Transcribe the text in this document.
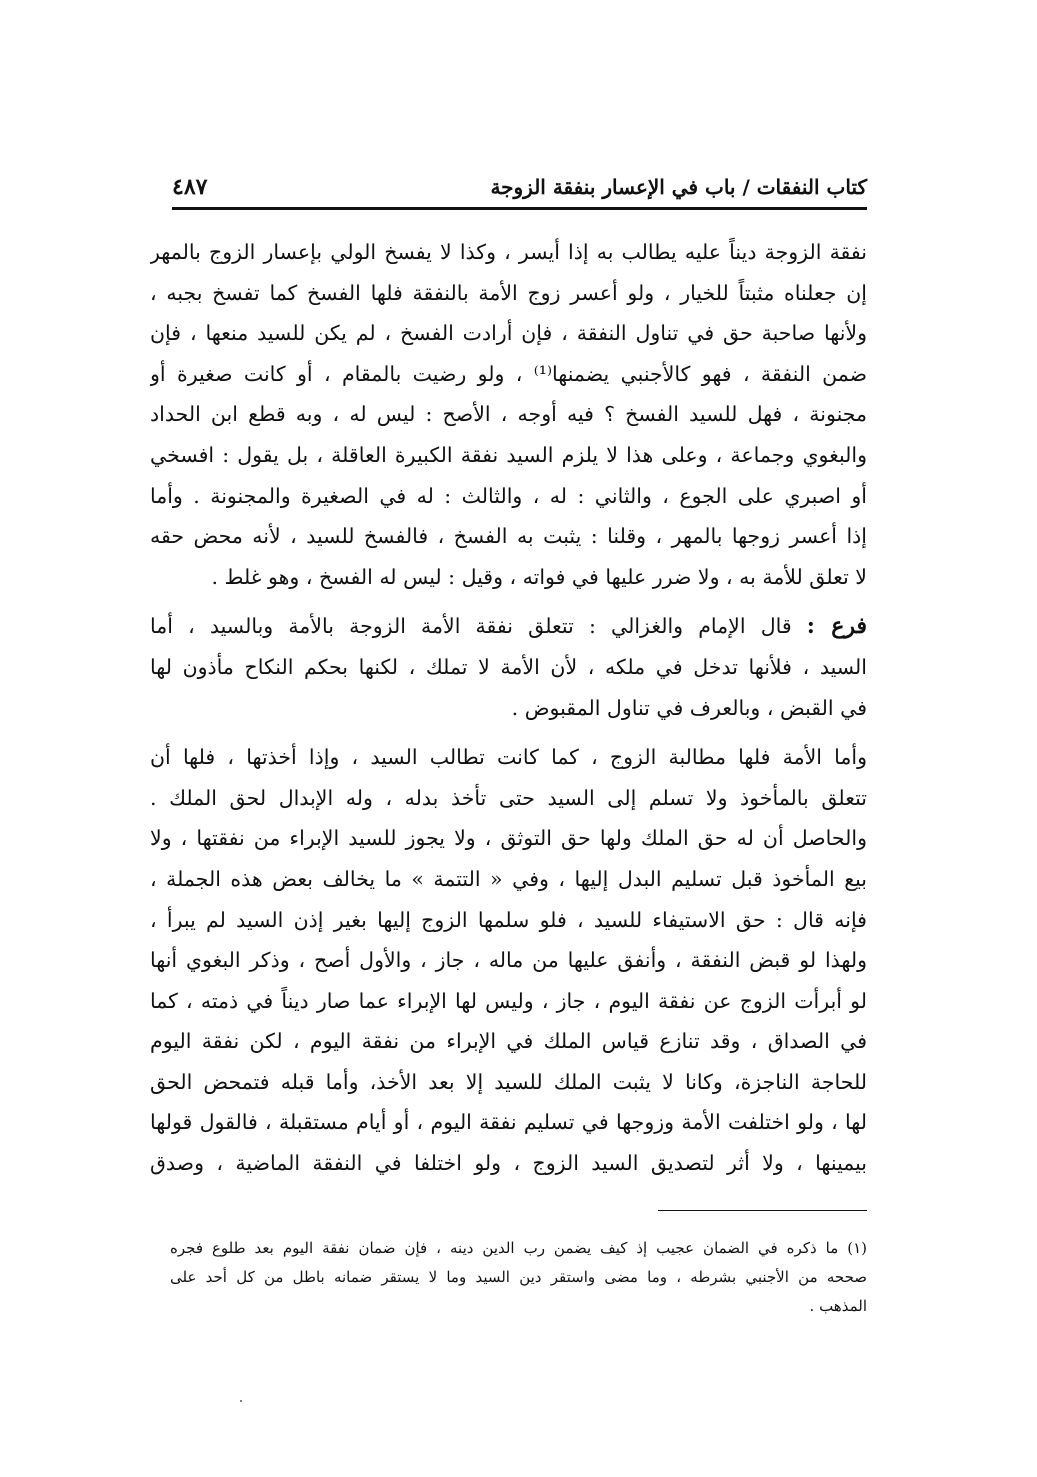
كتاب النفقات / باب في الإعسار بنفقة الزوجة
٤٨٧
نفقة الزوجة ديناً عليه يطالب به إذا أيسر ، وكذا لا يفسخ الولي بإعسار الزوج بالمهر
إن جعلناه مثبتاً للخيار ، ولو أعسر زوج الأمة بالنفقة فلها الفسخ كما تفسخ بجبه ،
ولأنها صاحبة حق في تناول النفقة ، فإن أرادت الفسخ ، لم يكن للسيد منعها ، فإن
ضمن النفقة ، فهو كالأجنبي يضمنها⁽¹⁾ ، ولو رضيت بالمقام ، أو كانت صغيرة أو
مجنونة ، فهل للسيد الفسخ ؟ فيه أوجه ، الأصح : ليس له ، وبه قطع ابن الحداد
والبغوي وجماعة ، وعلى هذا لا يلزم السيد نفقة الكبيرة العاقلة ، بل يقول : افسخي
أو اصبري على الجوع ، والثاني : له ، والثالث : له في الصغيرة والمجنونة . وأما
إذا أعسر زوجها بالمهر ، وقلنا : يثبت به الفسخ ، فالفسخ للسيد ، لأنه محض حقه
لا تعلق للأمة به ، ولا ضرر عليها في فواته ، وقيل : ليس له الفسخ ، وهو غلط .
فرع : قال الإمام والغزالي : تتعلق نفقة الأمة الزوجة بالأمة وبالسيد ، أما
السيد ، فلأنها تدخل في ملكه ، لأن الأمة لا تملك ، لكنها بحكم النكاح مأذون لها
في القبض ، وبالعرف في تناول المقبوض .
وأما الأمة فلها مطالبة الزوج ، كما كانت تطالب السيد ، وإذا أخذتها ، فلها أن
تتعلق بالمأخوذ ولا تسلم إلى السيد حتى تأخذ بدله ، وله الإبدال لحق الملك .
والحاصل أن له حق الملك ولها حق التوثق ، ولا يجوز للسيد الإبراء من نفقتها ، ولا
بيع المأخوذ قبل تسليم البدل إليها ، وفي « التتمة » ما يخالف بعض هذه الجملة ،
فإنه قال : حق الاستيفاء للسيد ، فلو سلمها الزوج إليها بغير إذن السيد لم يبرأ ،
ولهذا لو قبض النفقة ، وأنفق عليها من ماله ، جاز ، والأول أصح ، وذكر البغوي أنها
لو أبرأت الزوج عن نفقة اليوم ، جاز ، وليس لها الإبراء عما صار ديناً في ذمته ، كما
في الصداق ، وقد تنازع قياس الملك في الإبراء من نفقة اليوم ، لكن نفقة اليوم
للحاجة الناجزة، وكانا لا يثبت الملك للسيد إلا بعد الأخذ، وأما قبله فتمحض الحق
لها ، ولو اختلفت الأمة وزوجها في تسليم نفقة اليوم ، أو أيام مستقبلة ، فالقول قولها
بيمينها ، ولا أثر لتصديق السيد الزوج ، ولو اختلفا في النفقة الماضية ، وصدق
(١) ما ذكره في الضمان عجيب إذ كيف يضمن رب الدين دينه ، فإن ضمان نفقة اليوم بعد طلوع فجره
صححه من الأجنبي بشرطه ، وما مضى واستقر دين السيد وما لا يستقر ضمانه باطل من كل أحد على
المذهب .
